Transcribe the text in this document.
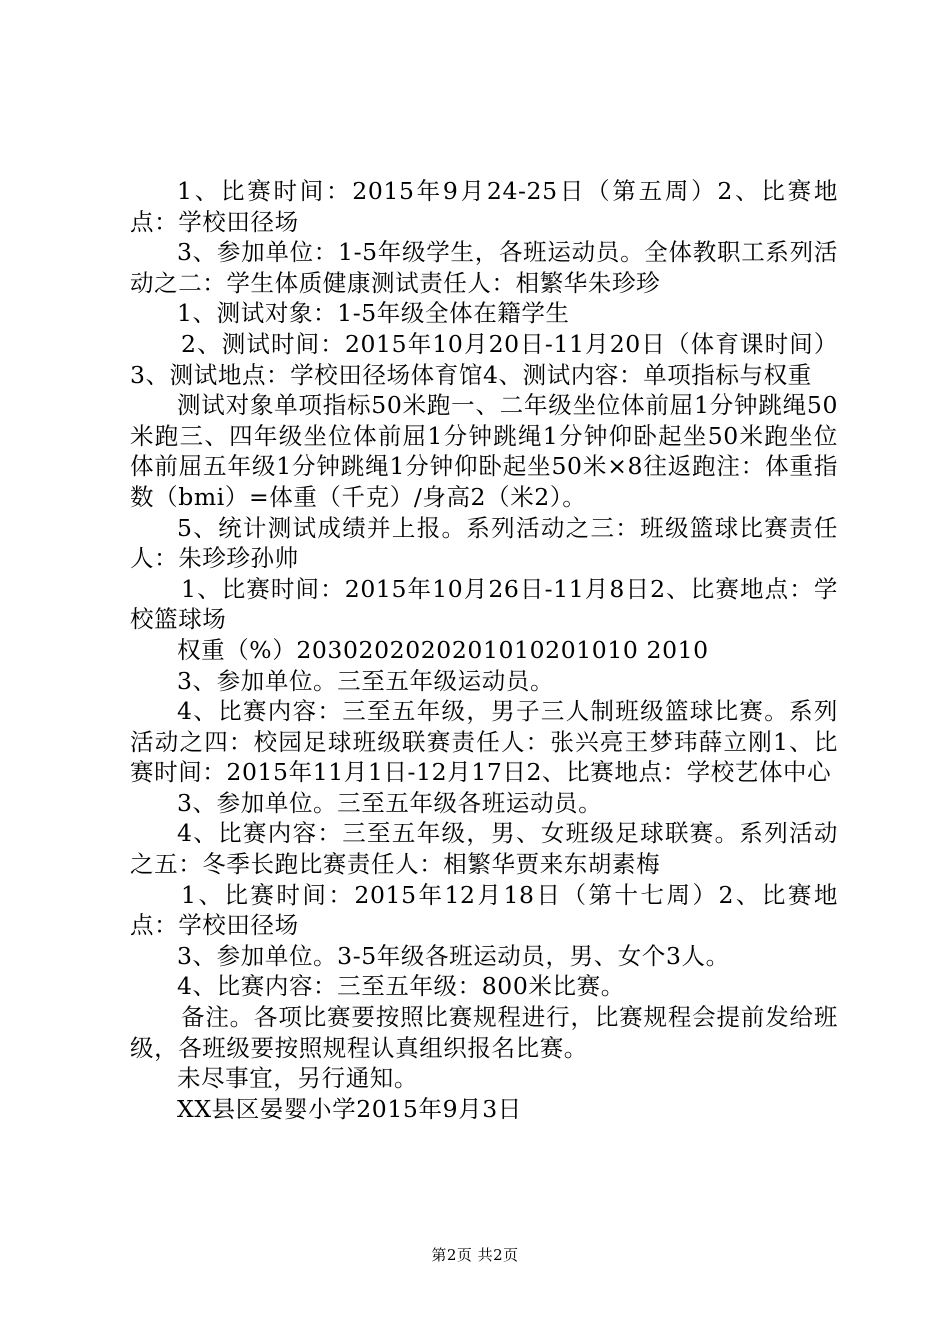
1、比赛时间：2015年9月24-25日（第五周）2、比赛地点：学校田径场

3、参加单位：1-5年级学生，各班运动员。全体教职工系列活动之二：学生体质健康测试责任人：相繁华朱珍珍

1、测试对象：1-5年级全体在籍学生

2、测试时间：2015年10月20日-11月20日（体育课时间）3、测试地点：学校田径场体育馆4、测试内容：单项指标与权重

测试对象单项指标50米跑一、二年级坐位体前屈1分钟跳绳50米跑三、四年级坐位体前屈1分钟跳绳1分钟仰卧起坐50米跑坐位体前屈五年级1分钟跳绳1分钟仰卧起坐50米×8往返跑注：体重指数（bmi）=体重（千克）/身高2（米2）。

5、统计测试成绩并上报。系列活动之三：班级篮球比赛责任人：朱珍珍孙帅

1、比赛时间：2015年10月26日-11月8日2、比赛地点：学校篮球场

权重（%）2030202020201010201010 2010

3、参加单位。三至五年级运动员。

4、比赛内容：三至五年级，男子三人制班级篮球比赛。系列活动之四：校园足球班级联赛责任人：张兴亮王梦玮薛立刚1、比赛时间：2015年11月1日-12月17日2、比赛地点：学校艺体中心

3、参加单位。三至五年级各班运动员。

4、比赛内容：三至五年级，男、女班级足球联赛。系列活动之五：冬季长跑比赛责任人：相繁华贾来东胡素梅

1、比赛时间：2015年12月18日（第十七周）2、比赛地点：学校田径场

3、参加单位。3-5年级各班运动员，男、女个3人。

4、比赛内容：三至五年级：800米比赛。

备注。各项比赛要按照比赛规程进行，比赛规程会提前发给班级，各班级要按照规程认真组织报名比赛。

未尽事宜，另行通知。

XX县区晏婴小学2015年9月3日

第2页 共2页
